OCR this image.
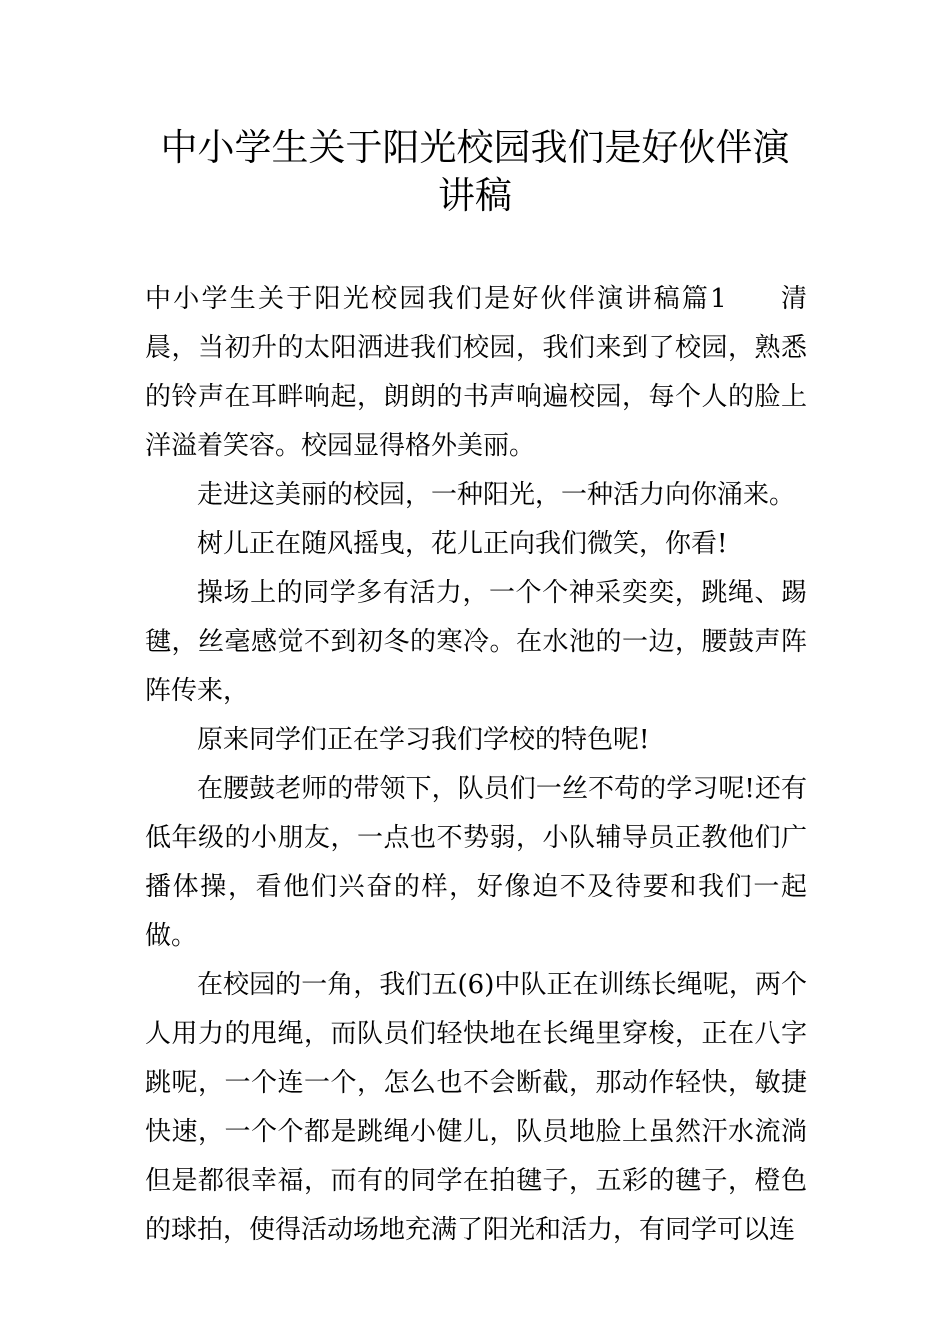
中小学生关于阳光校园我们是好伙伴演讲稿

中小学生关于阳光校园我们是好伙伴演讲稿篇1 清晨，当初升的太阳洒进我们校园，我们来到了校园，熟悉的铃声在耳畔响起，朗朗的书声响遍校园，每个人的脸上洋溢着笑容。校园显得格外美丽。

走进这美丽的校园，一种阳光，一种活力向你涌来。

树儿正在随风摇曳，花儿正向我们微笑，你看!

操场上的同学多有活力，一个个神采奕奕，跳绳、踢毽，丝毫感觉不到初冬的寒冷。在水池的一边，腰鼓声阵阵传来，

原来同学们正在学习我们学校的特色呢!

在腰鼓老师的带领下，队员们一丝不苟的学习呢!还有低年级的小朋友，一点也不势弱，小队辅导员正教他们广播体操，看他们兴奋的样，好像迫不及待要和我们一起做。

在校园的一角，我们五(6)中队正在训练长绳呢，两个人用力的甩绳，而队员们轻快地在长绳里穿梭，正在八字跳呢，一个连一个，怎么也不会断截，那动作轻快，敏捷快速，一个个都是跳绳小健儿，队员地脸上虽然汗水流淌但是都很幸福，而有的同学在拍毽子，五彩的毽子，橙色的球拍，使得活动场地充满了阳光和活力，有同学可以连
